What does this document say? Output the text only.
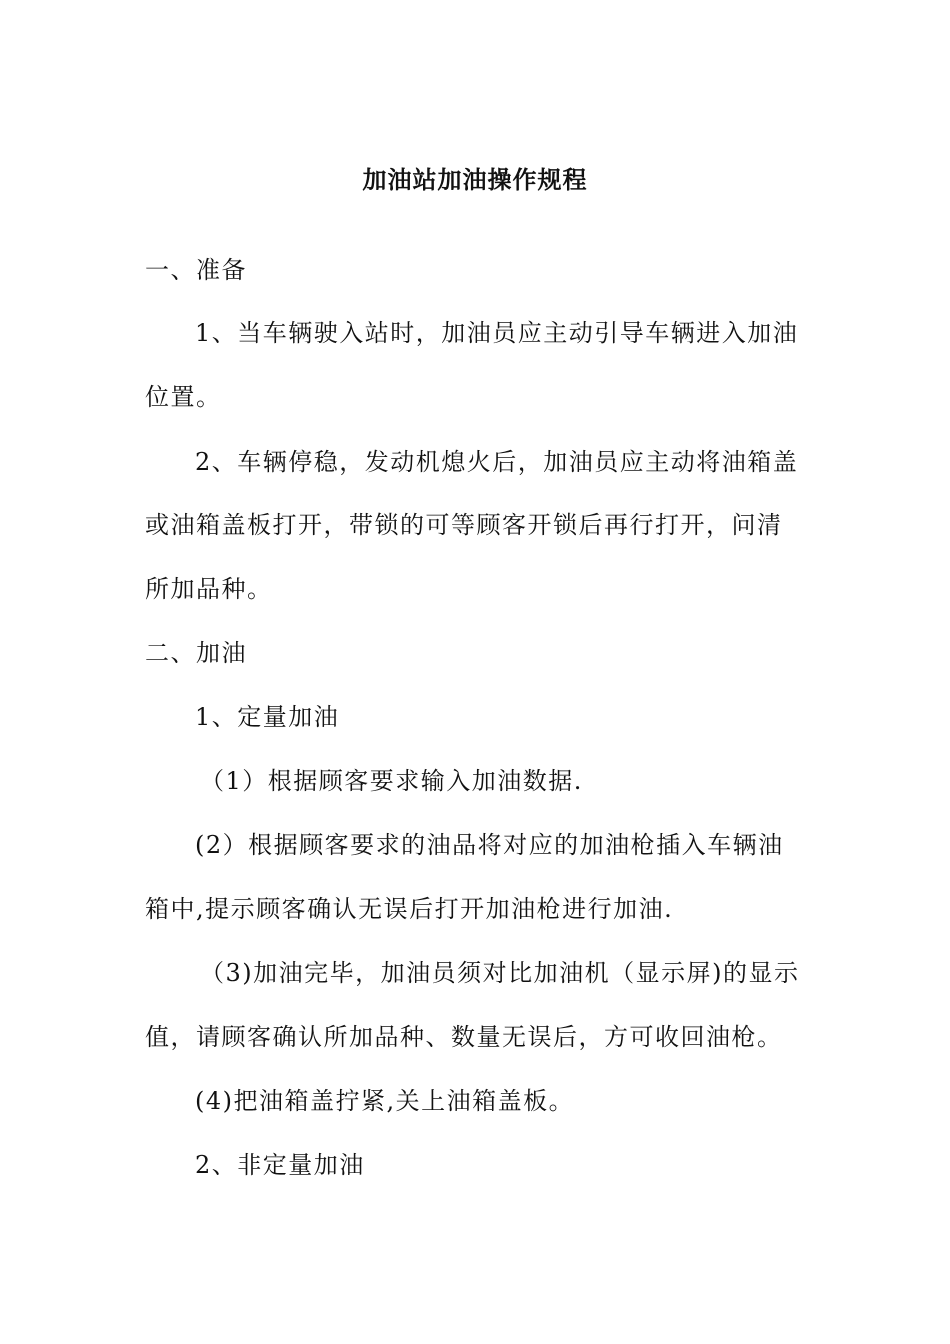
加油站加油操作规程
一、准备
1、当车辆驶入站时，加油员应主动引导车辆进入加油
位置。
2、车辆停稳，发动机熄火后，加油员应主动将油箱盖
或油箱盖板打开，带锁的可等顾客开锁后再行打开，问清
所加品种。
二、加油
1、定量加油
（1）根据顾客要求输入加油数据.
(2）根据顾客要求的油品将对应的加油枪插入车辆油
箱中,提示顾客确认无误后打开加油枪进行加油.
（3)加油完毕，加油员须对比加油机（显示屏)的显示
值，请顾客确认所加品种、数量无误后，方可收回油枪。
(4)把油箱盖拧紧,关上油箱盖板。
2、非定量加油
